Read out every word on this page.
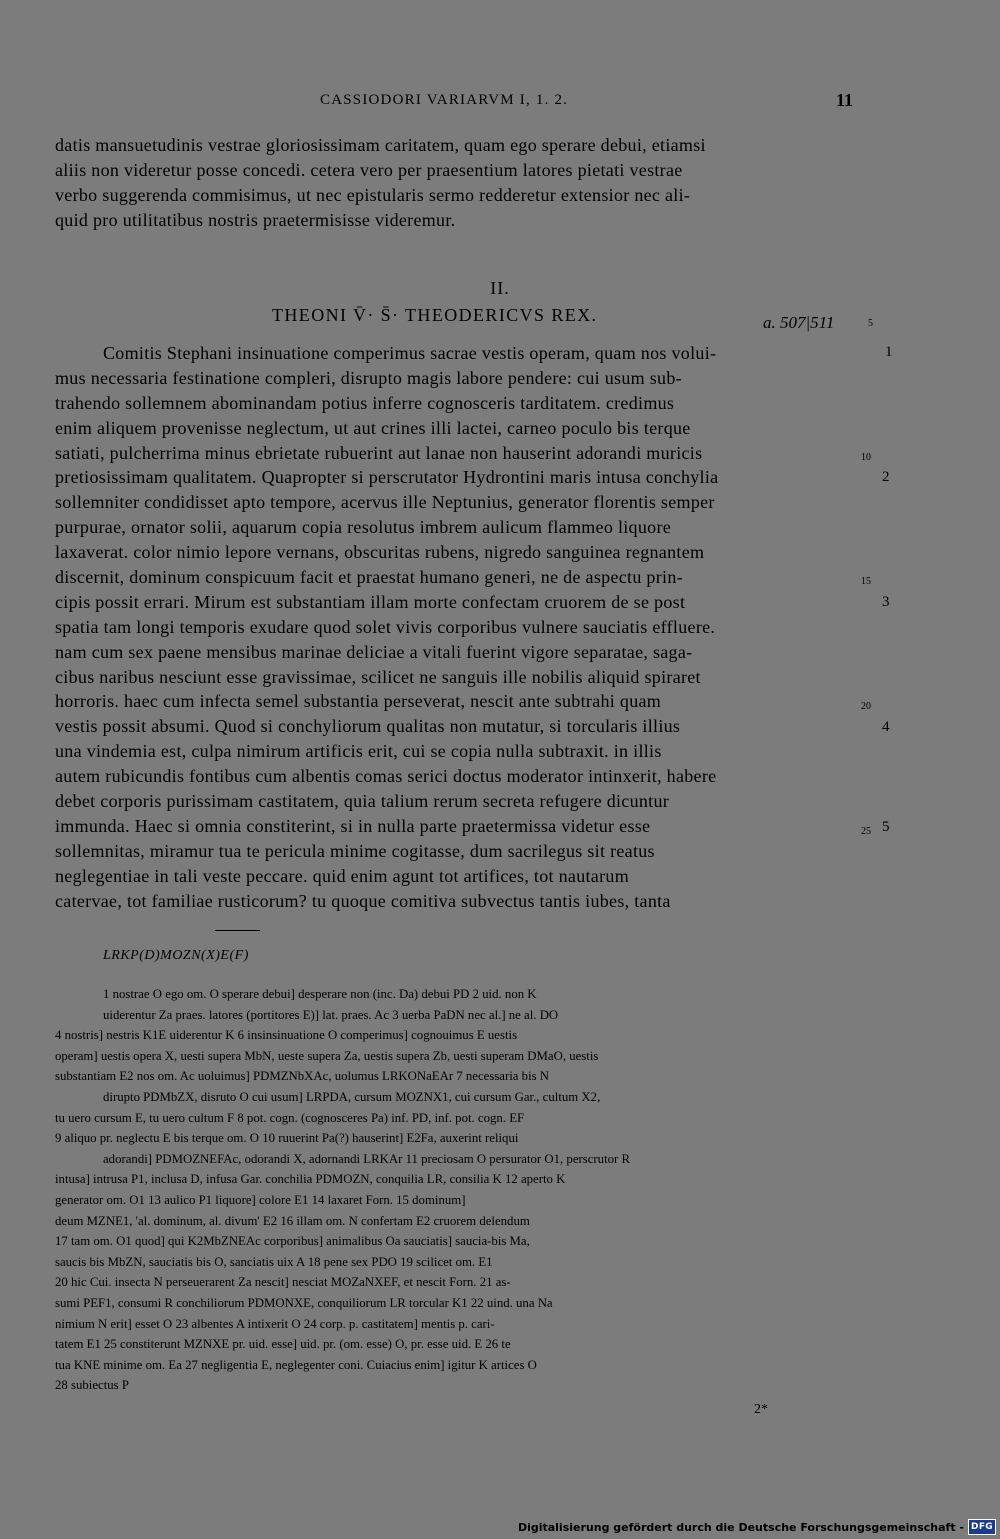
CASSIODORI VARIARVM I, 1. 2.	11
datis mansuetudinis vestrae gloriosissimam caritatem, quam ego sperare debui, etiamsi
aliis non videretur posse concedi. cetera vero per praesentium latores pietati vestrae
verbo suggerenda commisimus, ut nec epistularis sermo redderetur extensior nec ali-
quid pro utilitatibus nostris praetermisisse videremur.
II.
THEONI V̄· S̄· THEODERICVS REX.	a. 507|511
Comitis Stephani insinuatione comperimus sacrae vestis operam, quam nos volui-
mus necessaria festinatione compleri, disrupto magis labore pendere: cui usum sub-
trahendo sollemnem abominandam potius inferre cognosceris tarditatem. credimus
enim aliquem provenisse neglectum, ut aut crines illi lactei, carneo poculo bis terque
satiati, pulcherrima minus ebrietate rubuerint aut lanae non hauserint adorandi muricis
pretiosissimam qualitatem. Quapropter si perscrutator Hydrontini maris intusa conchylia
sollemniter condidisset apto tempore, acervus ille Neptunius, generator florentis semper
purpurae, ornator solii, aquarum copia resolutus imbrem aulicum flammeo liquore
laxaverat. color nimio lepore vernans, obscuritas rubens, nigredo sanguinea regnantem
discernit, dominum conspicuum facit et praestat humano generi, ne de aspectu prin-
cipis possit errari. Mirum est substantiam illam morte confectam cruorem de se post
spatia tam longi temporis exudare quod solet vivis corporibus vulnere sauciatis effluere.
nam cum sex paene mensibus marinae deliciae a vitali fuerint vigore separatae, saga-
cibus naribus nesciunt esse gravissimae, scilicet ne sanguis ille nobilis aliquid spiraret
horroris. haec cum infecta semel substantia perseverat, nescit ante subtrahi quam
vestis possit absumi. Quod si conchyliorum qualitas non mutatur, si torcularis illius
una vindemia est, culpa nimirum artificis erit, cui se copia nulla subtraxit. in illis
autem rubicundis fontibus cum albentis comas serici doctus moderator intinxerit, habere
debet corporis purissimam castitatem, quia talium rerum secreta refugere dicuntur
immunda. Haec si omnia constiterint, si in nulla parte praetermissa videtur esse
sollemnitas, miramur tua te pericula minime cogitasse, dum sacrilegus sit reatus
neglegentiae in tali veste peccare. quid enim agunt tot artifices, tot nautarum
catervae, tot familiae rusticorum? tu quoque comitiva subvectus tantis iubes, tanta
5
10
15
20
25
1
2
3
4
5
LRKP(D)MOZN(X)E(F)
1 nostrae O ego om. O sperare debui] desperare non (inc. Da) debui PD 2 uid. non K
uiderentur Za praes. latores (portitores E)] lat. praes. Ac 3 uerba PaDN nec al.] ne al. DO
4 nostris] nestris K1E uiderentur K 6 insinsinuatione O comperimus] cognouimus E uestis
operam] uestis opera X, uesti supera MbN, ueste supera Za, uestis supera Zb, uesti superam DMaO, uestis
substantiam E2 nos om. Ac uoluimus] PDMZNbXAc, uolumus LRKONaEAr 7 necessaria bis N
dirupto PDMbZX, disruto O cui usum] LRPDA, cursum MOZNX1, cui cursum Gar., cultum X2,
tu uero cursum E, tu uero cultum F 8 pot. cogn. (cognosceres Pa) inf. PD, inf. pot. cogn. EF
9 aliquo pr. neglectu E bis terque om. O 10 ruuerint Pa(?) hauserint] E2Fa, auxerint reliqui
adorandi] PDMOZNEFAc, odorandi X, adornandi LRKAr 11 preciosam O persurator O1, perscrutor R
intusa] intrusa P1, inclusa D, infusa Gar. conchilia PDMOZN, conquilia LR, consilia K 12 aperto K
generator om. O1 13 aulico P1 liquore] colore E1 14 laxaret Forn. 15 dominum]
deum MZNE1, 'al. dominum, al. divum' E2 16 illam om. N confertam E2 cruorem delendum
17 tam om. O1 quod] qui K2MbZNEAc corporibus] animalibus Oa sauciatis] saucia-bis Ma,
saucis bis MbZN, sauciatis bis O, sanciatis uix A 18 pene sex PDO 19 scilicet om. E1
20 hic Cui. insecta N perseuerarent Za nescit] nesciat MOZaNXEF, et nescit Forn. 21 as-
sumi PEF1, consumi R conchiliorum PDMONXE, conquiliorum LR torcular K1 22 uind. una Na
nimium N erit] esset O 23 albentes A intixerit O 24 corp. p. castitatem] mentis p. cari-
tatem E1 25 constiterunt MZNXE pr. uid. esse] uid. pr. (om. esse) O, pr. esse uid. E 26 te
tua KNE minime om. Ea 27 negligentia E, neglegenter coni. Cuiacius enim] igitur K artices O
28 subiectus P
2*
Digitalisierung gefördert durch die Deutsche Forschungsgemeinschaft - DFG
